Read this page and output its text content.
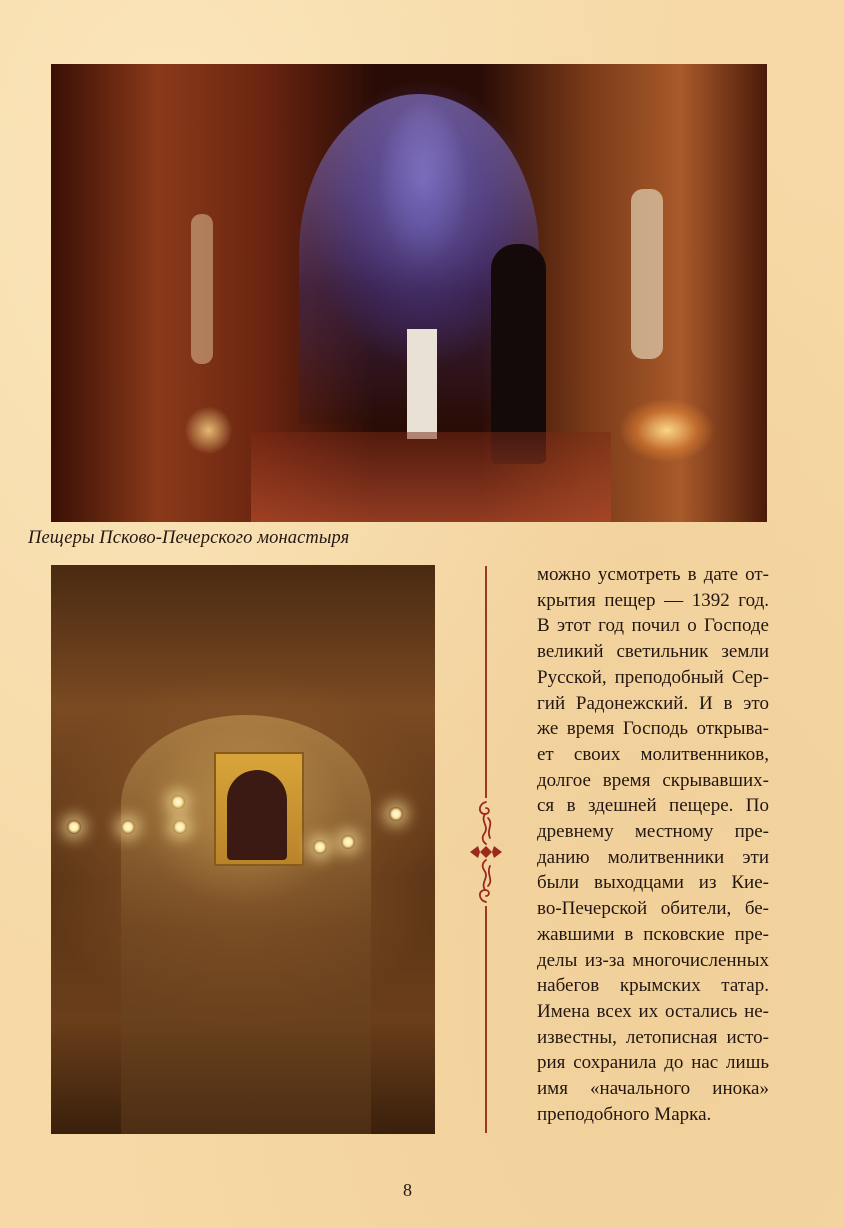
Пещеры Псково-Печерского монастыря
можно усмотреть в дате от-
крытия пещер — 1392 год.
В этот год почил о Господе
великий светильник земли
Русской, преподобный Сер-
гий Радонежский. И в это
же время Господь открыва-
ет своих молитвенников,
долгое время скрывавших-
ся в здешней пещере. По
древнему местному пре-
данию молитвенники эти
были выходцами из Кие-
во-Печерской обители, бе-
жавшими в псковские пре-
делы из-за многочисленных
набегов крымских татар.
Имена всех их остались не-
известны, летописная исто-
рия сохранила до нас лишь
имя «начального инока»
преподобного Марка.
8
